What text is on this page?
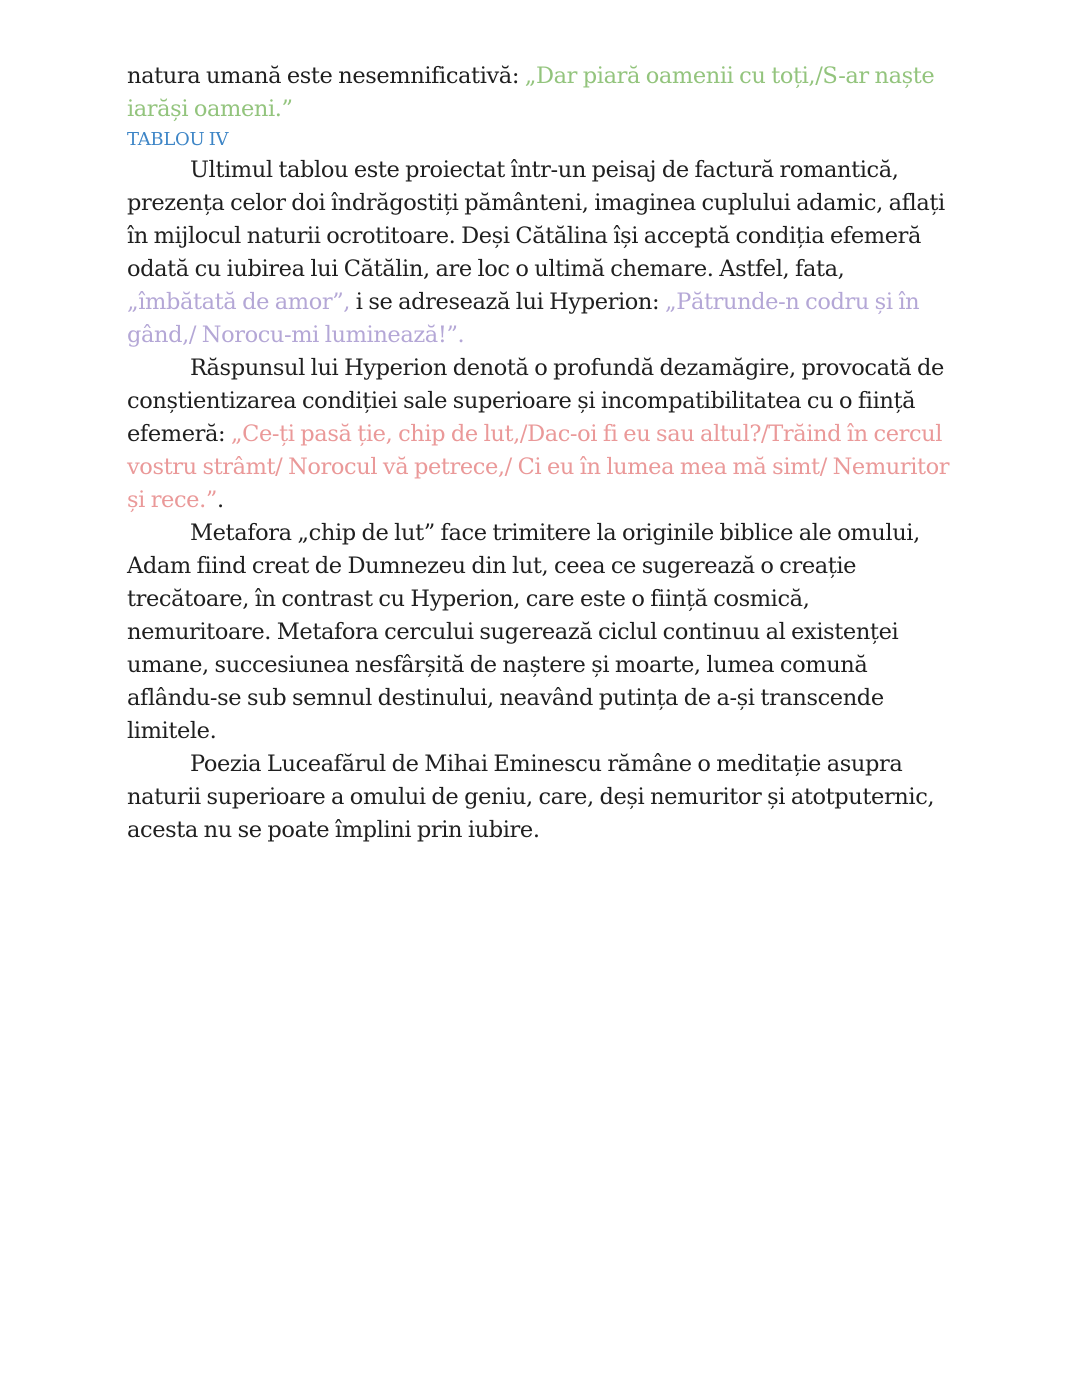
natura umană este nesemnificativă: „Dar piară oamenii cu toți,/S-ar naște iarăși oameni.”

TABLOU IV

Ultimul tablou este proiectat într-un peisaj de factură romantică, prezența celor doi îndrăgostiți pământeni, imaginea cuplului adamic, aflați în mijlocul naturii ocrotitoare. Deși Cătălina își acceptă condiția efemeră odată cu iubirea lui Cătălin, are loc o ultimă chemare. Astfel, fata, „îmbătată de amor”, i se adresează lui Hyperion: „Pătrunde-n codru și în gând,/ Norocu-mi luminează!”.

Răspunsul lui Hyperion denotă o profundă dezamăgire, provocată de conștientizarea condiției sale superioare și incompatibilitatea cu o ființă efemeră: „Ce-ți pasă ție, chip de lut,/Dac-oi fi eu sau altul?/Trăind în cercul vostru strâmt/ Norocul vă petrece,/ Ci eu în lumea mea mă simt/ Nemuritor și rece.”.

Metafora „chip de lut” face trimitere la originile biblice ale omului, Adam fiind creat de Dumnezeu din lut, ceea ce sugerează o creație trecătoare, în contrast cu Hyperion, care este o ființă cosmică, nemuritoare. Metafora cercului sugerează ciclul continuu al existenței umane, succesiunea nesfârșită de naștere și moarte, lumea comună aflându-se sub semnul destinului, neavând putința de a-și transcende limitele.

Poezia Luceafărul de Mihai Eminescu rămâne o meditație asupra naturii superioare a omului de geniu, care, deși nemuritor și atotputernic, acesta nu se poate împlini prin iubire.
